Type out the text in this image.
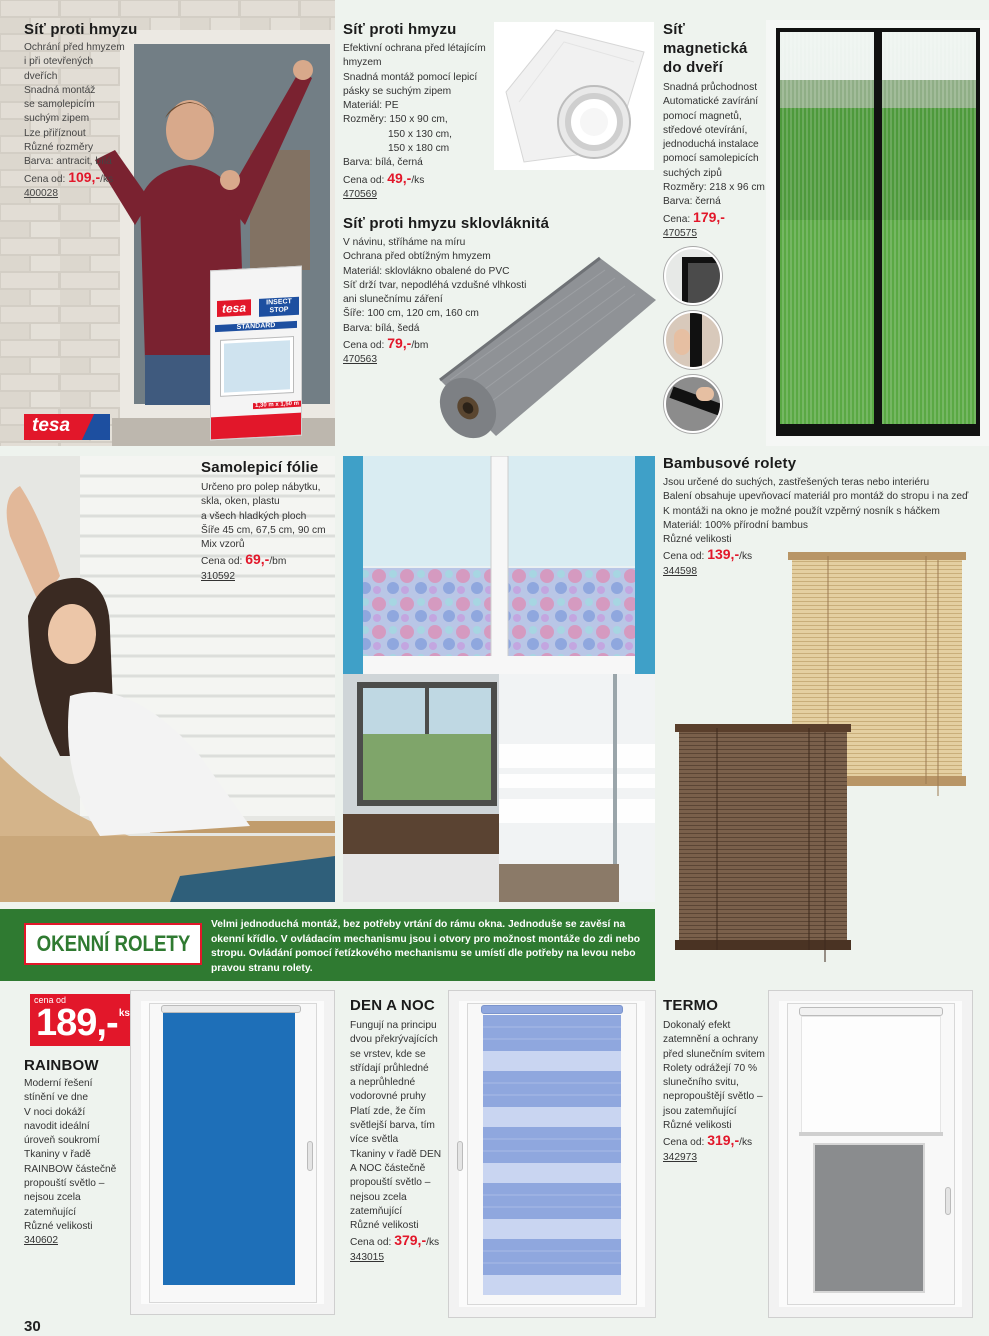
tesa	INSECT STOP
STANDARD
1,30 m x 1,50 m
tesa
Síť proti hmyzu
Ochrání před hmyzem
i při otevřených
dveřích
Snadná montáž
se samolepicím
suchým zipem
Lze přiříznout
Různé rozměry
Barva: antracit, bílá
Cena od: 109,-/ks
400028
Síť proti hmyzu
Efektivní ochrana před létajícím
hmyzem
Snadná montáž pomocí lepicí
pásky se suchým zipem
Materiál: PE
Rozměry: 150 x 90 cm,
150 x 130 cm,
150 x 180 cm
Barva: bílá, černá
Cena od: 49,-/ks
470569
Síť
magnetická
do dveří
Snadná průchodnost
Automatické zavírání
pomocí magnetů,
středové otevírání,
jednoduchá instalace
pomocí samolepicích
suchých zipů
Rozměry: 218 x 96 cm
Barva: černá
Cena: 179,-
470575
Síť proti hmyzu sklovláknitá
V návinu, stříháme na míru
Ochrana před obtížným hmyzem
Materiál: sklovlákno obalené do PVC
Síť drží tvar, nepodléhá vzdušné vlhkosti
ani slunečnímu záření
Šíře: 100 cm, 120 cm, 160 cm
Barva: bílá, šedá
Cena od: 79,-/bm
470563
Samolepicí fólie
Určeno pro polep nábytku,
skla, oken, plastu
a všech hladkých ploch
Šíře 45 cm, 67,5 cm, 90 cm
Mix vzorů
Cena od: 69,-/bm
310592
Bambusové rolety
Jsou určené do suchých, zastřešených teras nebo interiéru
Balení obsahuje upevňovací materiál pro montáž do stropu i na zeď
K montáži na okno je možné použít vzpěrný nosník s háčkem
Materiál: 100% přírodní bambus
Různé velikosti
Cena od: 139,-/ks
344598
OKENNÍ ROLETY
Velmi jednoduchá montáž, bez potřeby vrtání do rámu okna. Jednoduše se zavěsí na okenní křídlo. V ovládacím mechanismu jsou i otvory pro možnost montáže do zdi nebo stropu. Ovládání pomocí řetízkového mechanismu se umístí dle potřeby na levou nebo pravou stranu rolety.
cena od
189,- ks
RAINBOW
Moderní řešení
stínění ve dne
V noci dokáží
navodit ideální
úroveň soukromí
Tkaniny v řadě
RAINBOW částečně
propouští světlo –
nejsou zcela
zatemňující
Různé velikosti
340602
DEN A NOC
Fungují na principu
dvou překrývajících
se vrstev, kde se
střídají průhledné
a neprůhledné
vodorovné pruhy
Platí zde, že čím
světlejší barva, tím
více světla
Tkaniny v řadě DEN
A NOC částečně
propouští světlo –
nejsou zcela
zatemňující
Různé velikosti
Cena od: 379,-/ks
343015
TERMO
Dokonalý efekt
zatemnění a ochrany
před slunečním svitem
Rolety odrážejí 70 %
slunečního svitu,
nepropouštějí světlo –
jsou zatemňující
Různé velikosti
Cena od: 319,-/ks
342973
30
